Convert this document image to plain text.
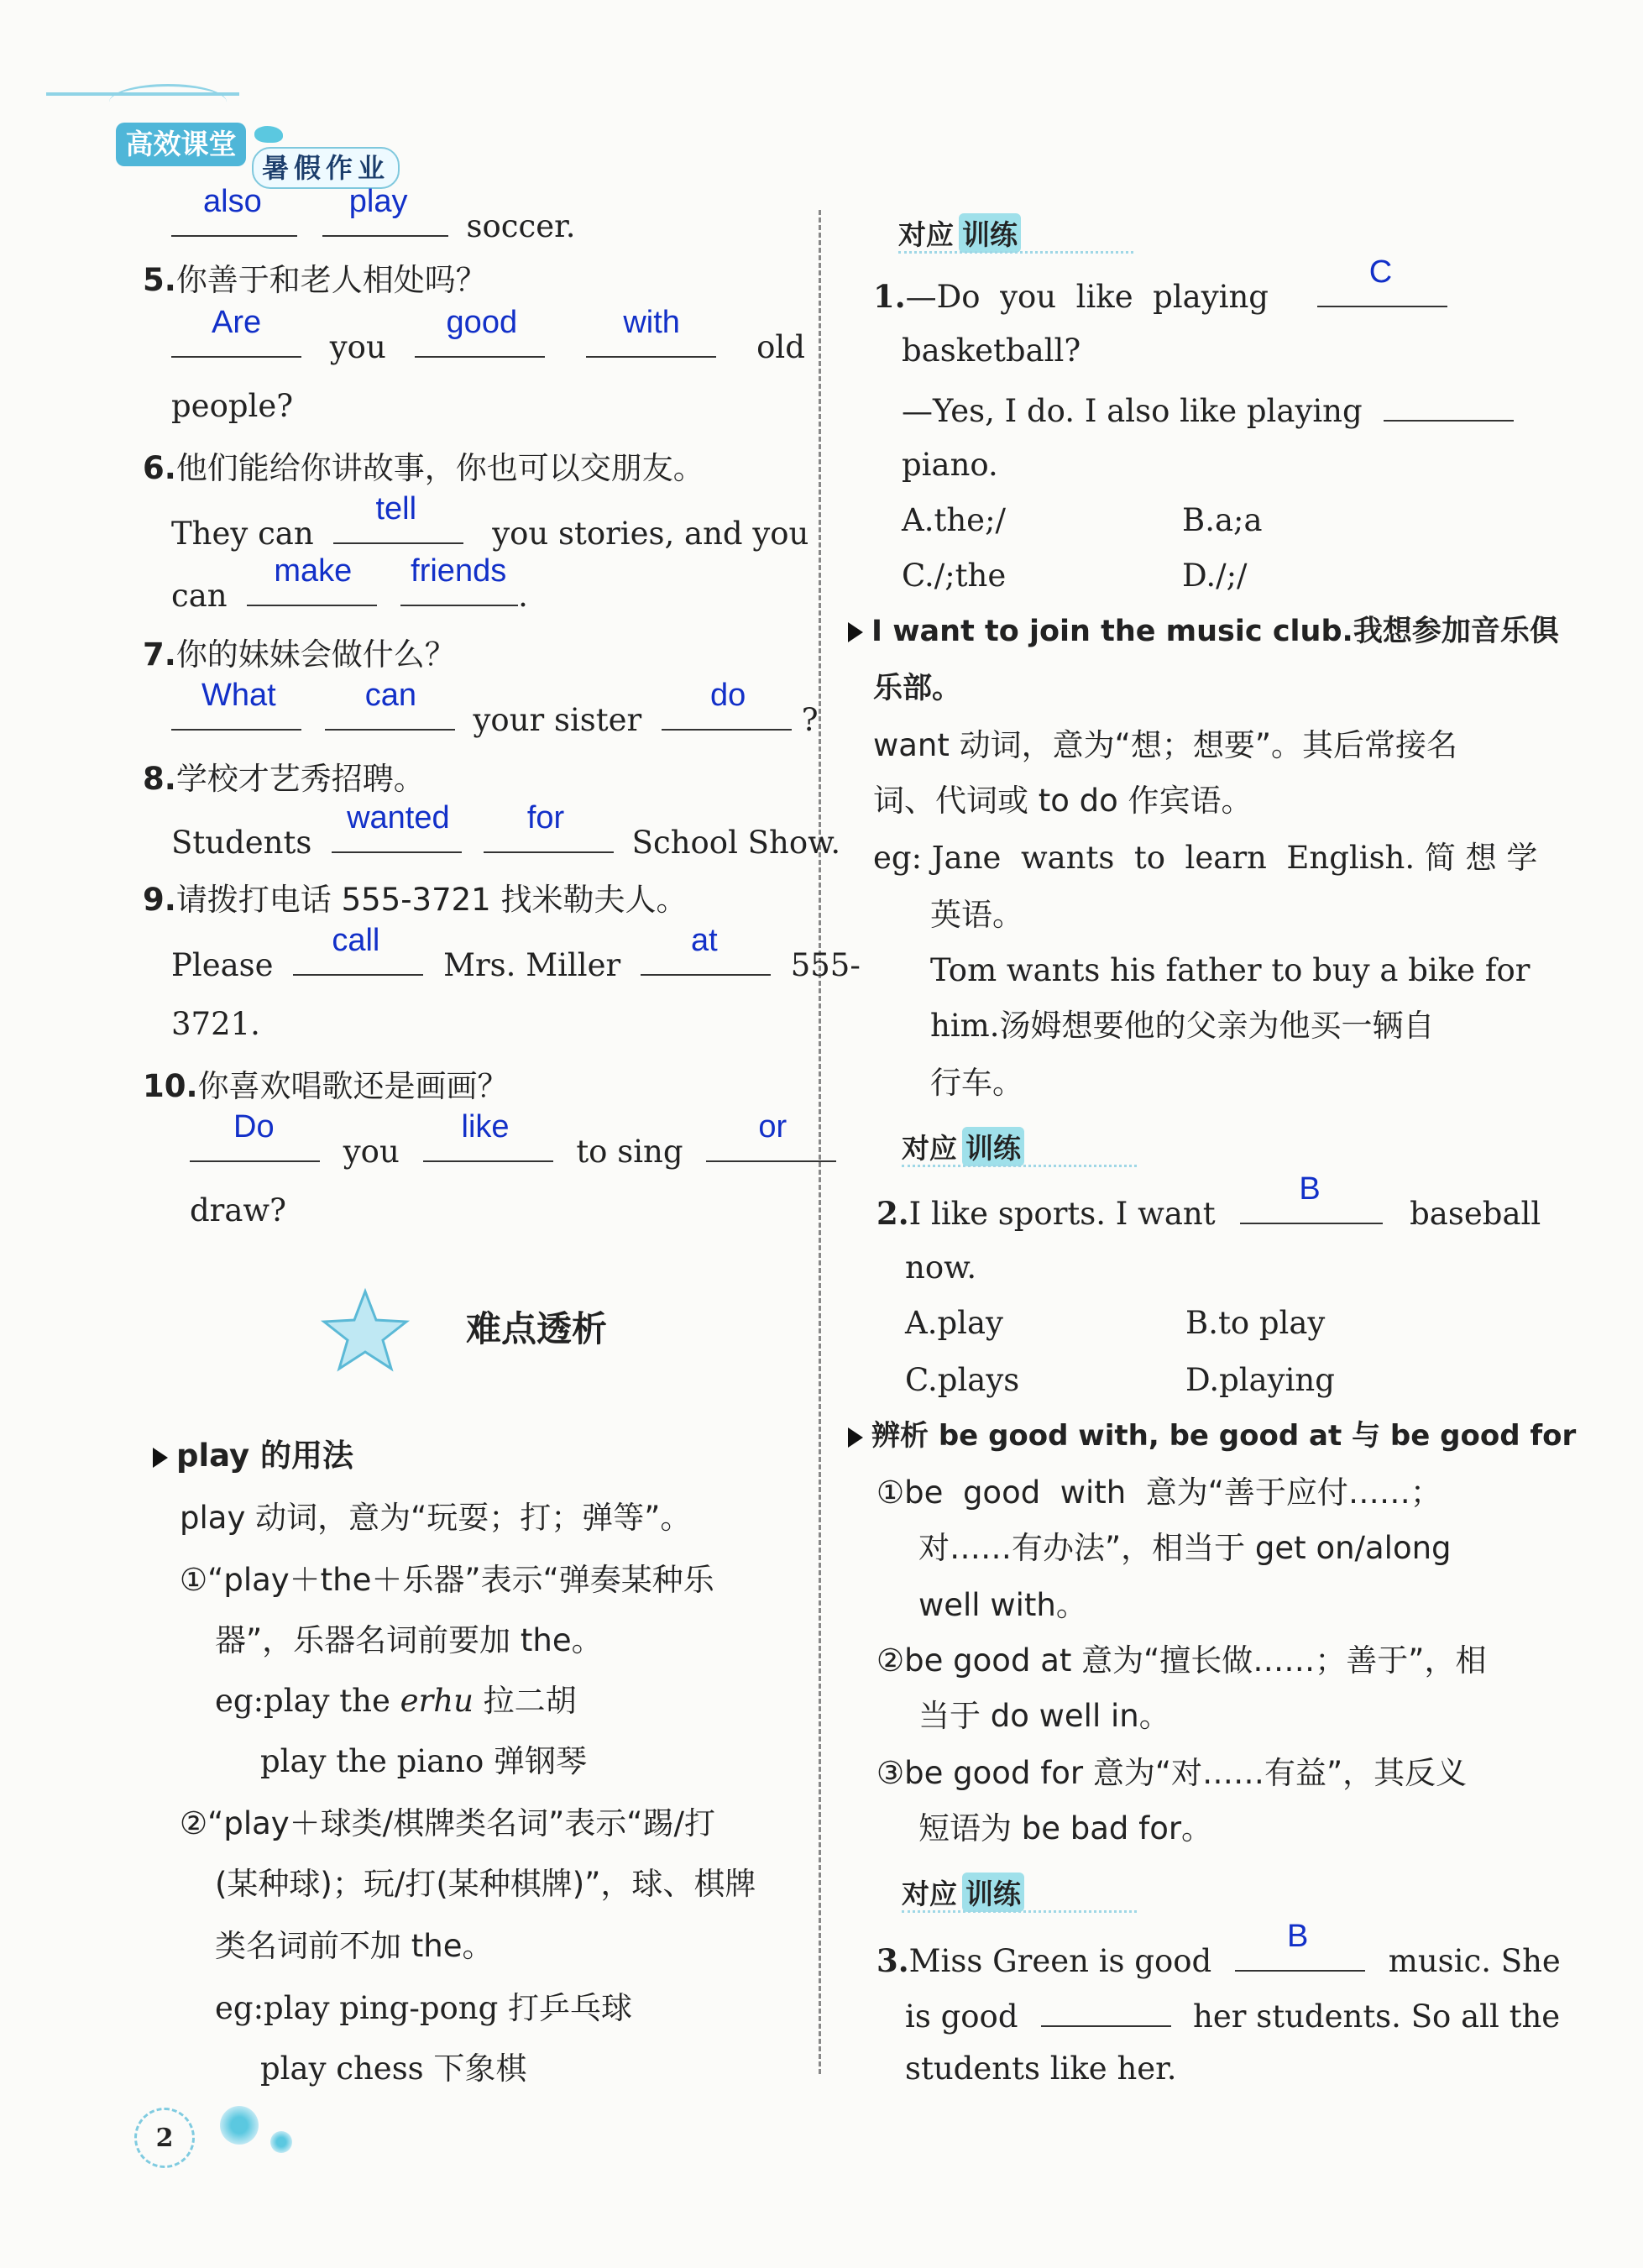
高效课堂
暑假作业
also
	play
soccer.
5.你善于和老人相处吗？
Are
you
good
	with
old
people?
6.他们能给你讲故事，你也可以交朋友。
They can
tell
you stories, and you
can
make
friends
.
7.你的妹妹会做什么？
What
	can
your sister
do
?
8.学校才艺秀招聘。
Students
wanted
for
School Show.
9.请拨打电话 555-3721 找米勒夫人。
Please
call
Mrs. Miller
at
555-
3721.
10.你喜欢唱歌还是画画？
Do
you
like
to sing
or
draw?
难点透析
play 的用法
play 动词，意为“玩耍；打；弹等”。
①“play＋the＋乐器”表示“弹奏某种乐
器”，乐器名词前要加 the。
eg:play the erhu 拉二胡
play the piano 弹钢琴
②“play＋球类/棋牌类名词”表示“踢/打
(某种球)；玩/打(某种棋牌)”，球、棋牌
类名词前不加 the。
eg:play ping-pong 打乒乓球
play chess 下象棋
2
对应 训练
1.—Do  you  like  playing
C
basketball?
—Yes, I do. I also like playing
piano.
A.the;/	B.a;a
C./;the	D./;/
I want to join the music club.我想参加音乐俱
乐部。
want 动词，意为“想；想要”。其后常接名
词、代词或 to do 作宾语。
eg: Jane  wants  to  learn  English. 简 想 学
英语。
Tom wants his father to buy a bike for
him.汤姆想要他的父亲为他买一辆自
行车。
对应 训练
2.I like sports. I want
B
baseball
now.
A.play	B.to play
C.plays	D.playing
辨析 be good with, be good at 与 be good for
①be  good  with  意为“善于应付……；
对……有办法”，相当于 get on/along
well with。
②be good at 意为“擅长做……；善于”，相
当于 do well in。
③be good for 意为“对……有益”，其反义
短语为 be bad for。
对应 训练
3.Miss Green is good
B
music. She
is good	her students. So all the
students like her.
